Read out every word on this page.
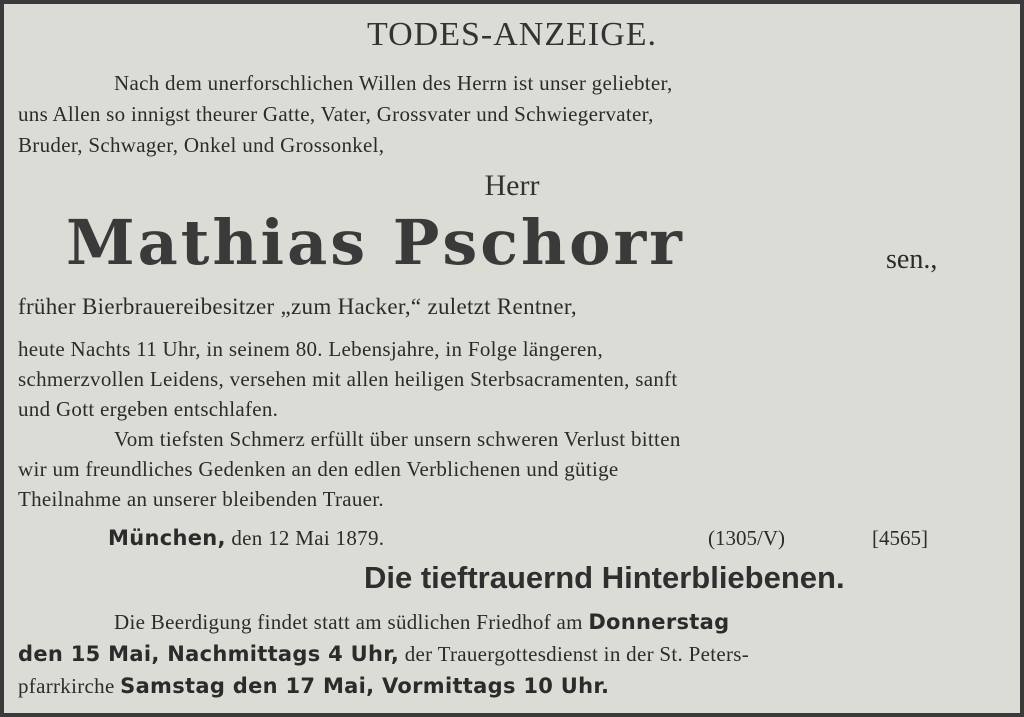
TODES-ANZEIGE.
Nach dem unerforschlichen Willen des Herrn ist unser geliebter,
uns Allen so innigst theurer Gatte, Vater, Grossvater und Schwiegervater,
Bruder, Schwager, Onkel und Grossonkel,
Herr
Mathias Pschorr	sen.,
früher Bierbrauereibesitzer „zum Hacker,“ zuletzt Rentner,
heute Nachts 11 Uhr, in seinem 80. Lebensjahre, in Folge längeren,
schmerzvollen Leidens, versehen mit allen heiligen Sterbsacramenten, sanft
und Gott ergeben entschlafen.
Vom tiefsten Schmerz erfüllt über unsern schweren Verlust bitten
wir um freundliches Gedenken an den edlen Verblichenen und gütige
Theilnahme an unserer bleibenden Trauer.
München, den 12 Mai 1879.	(1305/V)	[4565]
Die tieftrauernd Hinterbliebenen.
Die Beerdigung findet statt am südlichen Friedhof am Donnerstag
den 15 Mai, Nachmittags 4 Uhr, der Trauergottesdienst in der St. Peters-
pfarrkirche Samstag den 17 Mai, Vormittags 10 Uhr.
